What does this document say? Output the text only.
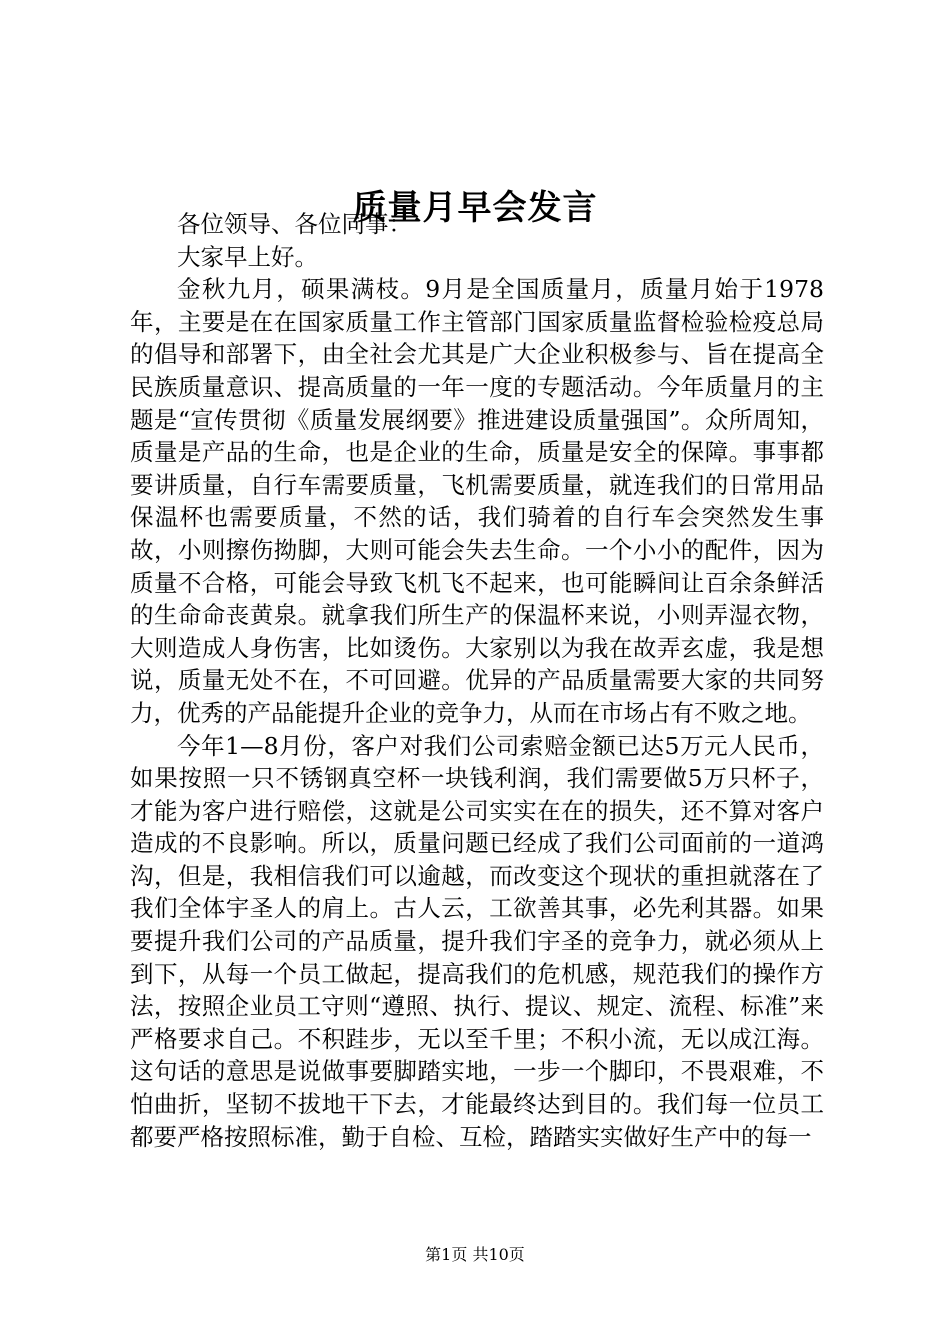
质量月早会发言

各位领导、各位同事：

大家早上好。

金秋九月，硕果满枝。9月是全国质量月，质量月始于1978年，主要是在在国家质量工作主管部门国家质量监督检验检疫总局的倡导和部署下，由全社会尤其是广大企业积极参与、旨在提高全民族质量意识、提高质量的一年一度的专题活动。今年质量月的主题是“宣传贯彻《质量发展纲要》推进建设质量强国”。众所周知，质量是产品的生命，也是企业的生命，质量是安全的保障。事事都要讲质量，自行车需要质量，飞机需要质量，就连我们的日常用品保温杯也需要质量，不然的话，我们骑着的自行车会突然发生事故，小则擦伤拗脚，大则可能会失去生命。一个小小的配件，因为质量不合格，可能会导致飞机飞不起来，也可能瞬间让百余条鲜活的生命命丧黄泉。就拿我们所生产的保温杯来说，小则弄湿衣物，大则造成人身伤害，比如烫伤。大家别以为我在故弄玄虚，我是想说，质量无处不在，不可回避。优异的产品质量需要大家的共同努力，优秀的产品能提升企业的竞争力，从而在市场占有不败之地。

今年1—8月份，客户对我们公司索赔金额已达5万元人民币，如果按照一只不锈钢真空杯一块钱利润，我们需要做5万只杯子，才能为客户进行赔偿，这就是公司实实在在的损失，还不算对客户造成的不良影响。所以，质量问题已经成了我们公司面前的一道鸿沟，但是，我相信我们可以逾越，而改变这个现状的重担就落在了我们全体宇圣人的肩上。古人云，工欲善其事，必先利其器。如果要提升我们公司的产品质量，提升我们宇圣的竞争力，就必须从上到下，从每一个员工做起，提高我们的危机感，规范我们的操作方法，按照企业员工守则“遵照、执行、提议、规定、流程、标准”来严格要求自己。不积跬步，无以至千里；不积小流，无以成江海。这句话的意思是说做事要脚踏实地，一步一个脚印，不畏艰难，不怕曲折，坚韧不拔地干下去，才能最终达到目的。我们每一位员工都要严格按照标准，勤于自检、互检，踏踏实实做好生产中的每一

第1页 共10页
